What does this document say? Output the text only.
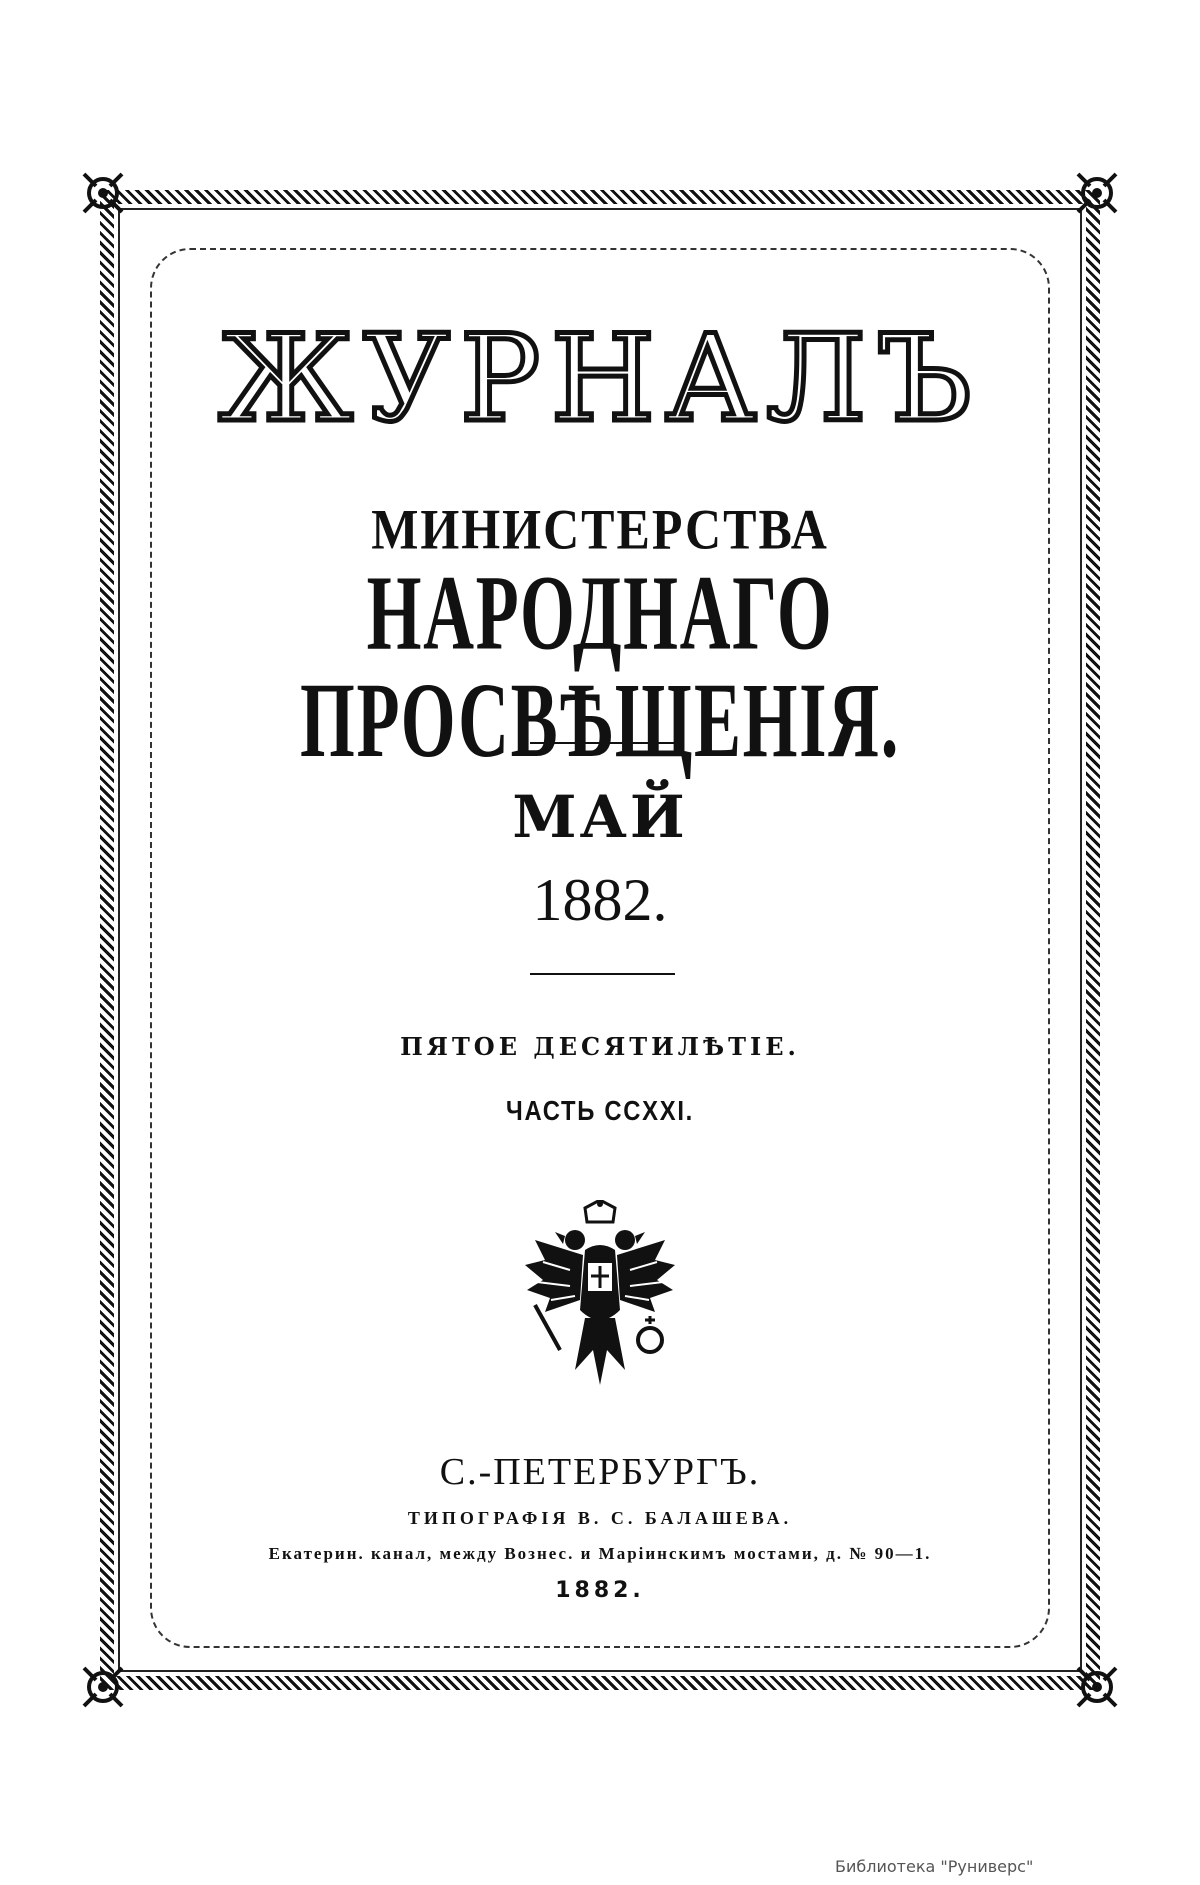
ЖУРНАЛЪ
МИНИСТЕРСТВА
НАРОДНАГО ПРОСВѢЩЕНІЯ.
МАЙ
1882.
ПЯТОЕ ДЕСЯТИЛѢТІЕ.
ЧАСТЬ CCXXI.
С.-ПЕТЕРБУРГЪ.
ТИПОГРАФІЯ В. С. БАЛАШЕВА.
Екатерин. канал, между Вознес. и Маріинскимъ мостами, д. № 90—1.
1882.
Библиотека "Руниверс"
